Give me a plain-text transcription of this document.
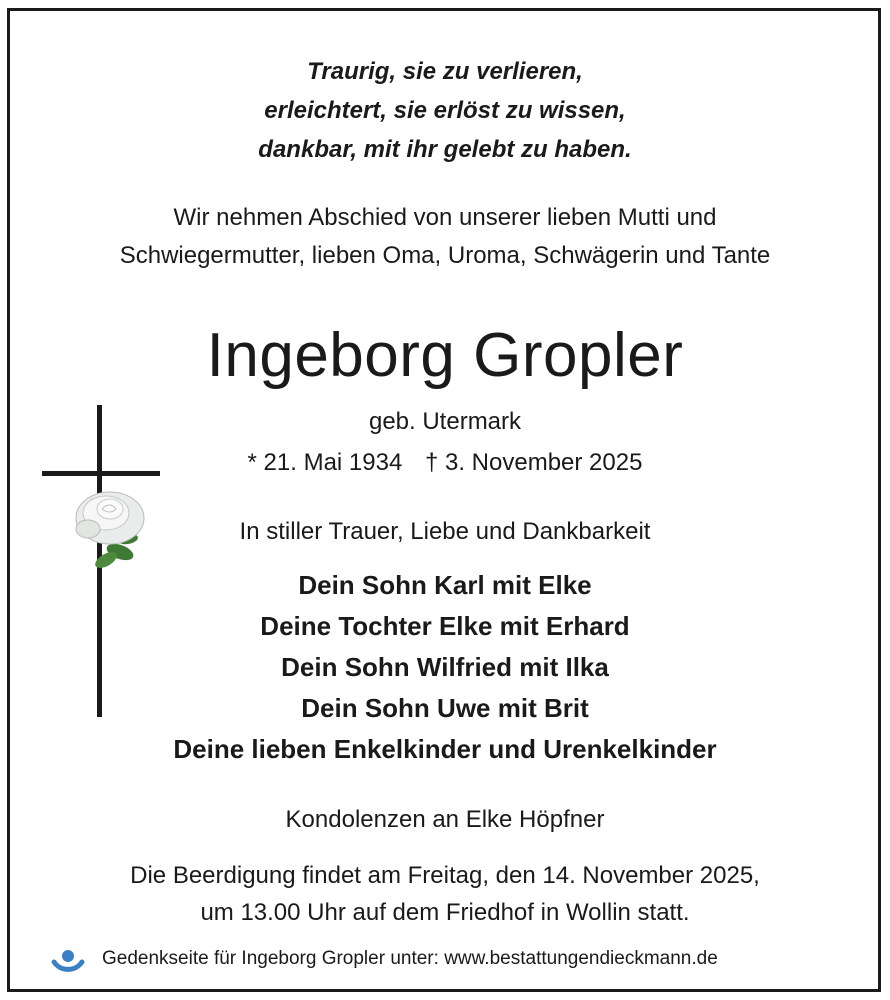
Traurig, sie zu verlieren,
erleichtert, sie erlöst zu wissen,
dankbar, mit ihr gelebt zu haben.
Wir nehmen Abschied von unserer lieben Mutti und
Schwiegermutter, lieben Oma, Uroma, Schwägerin und Tante
Ingeborg Gropler
geb. Utermark
* 21. Mai 1934 † 3. November 2025
In stiller Trauer, Liebe und Dankbarkeit
Dein Sohn Karl mit Elke
Deine Tochter Elke mit Erhard
Dein Sohn Wilfried mit Ilka
Dein Sohn Uwe mit Brit
Deine lieben Enkelkinder und Urenkelkinder
Kondolenzen an Elke Höpfner
Die Beerdigung findet am Freitag, den 14. November 2025,
um 13.00 Uhr auf dem Friedhof in Wollin statt.
Gedenkseite für Ingeborg Gropler unter: www.bestattungendieckmann.de
